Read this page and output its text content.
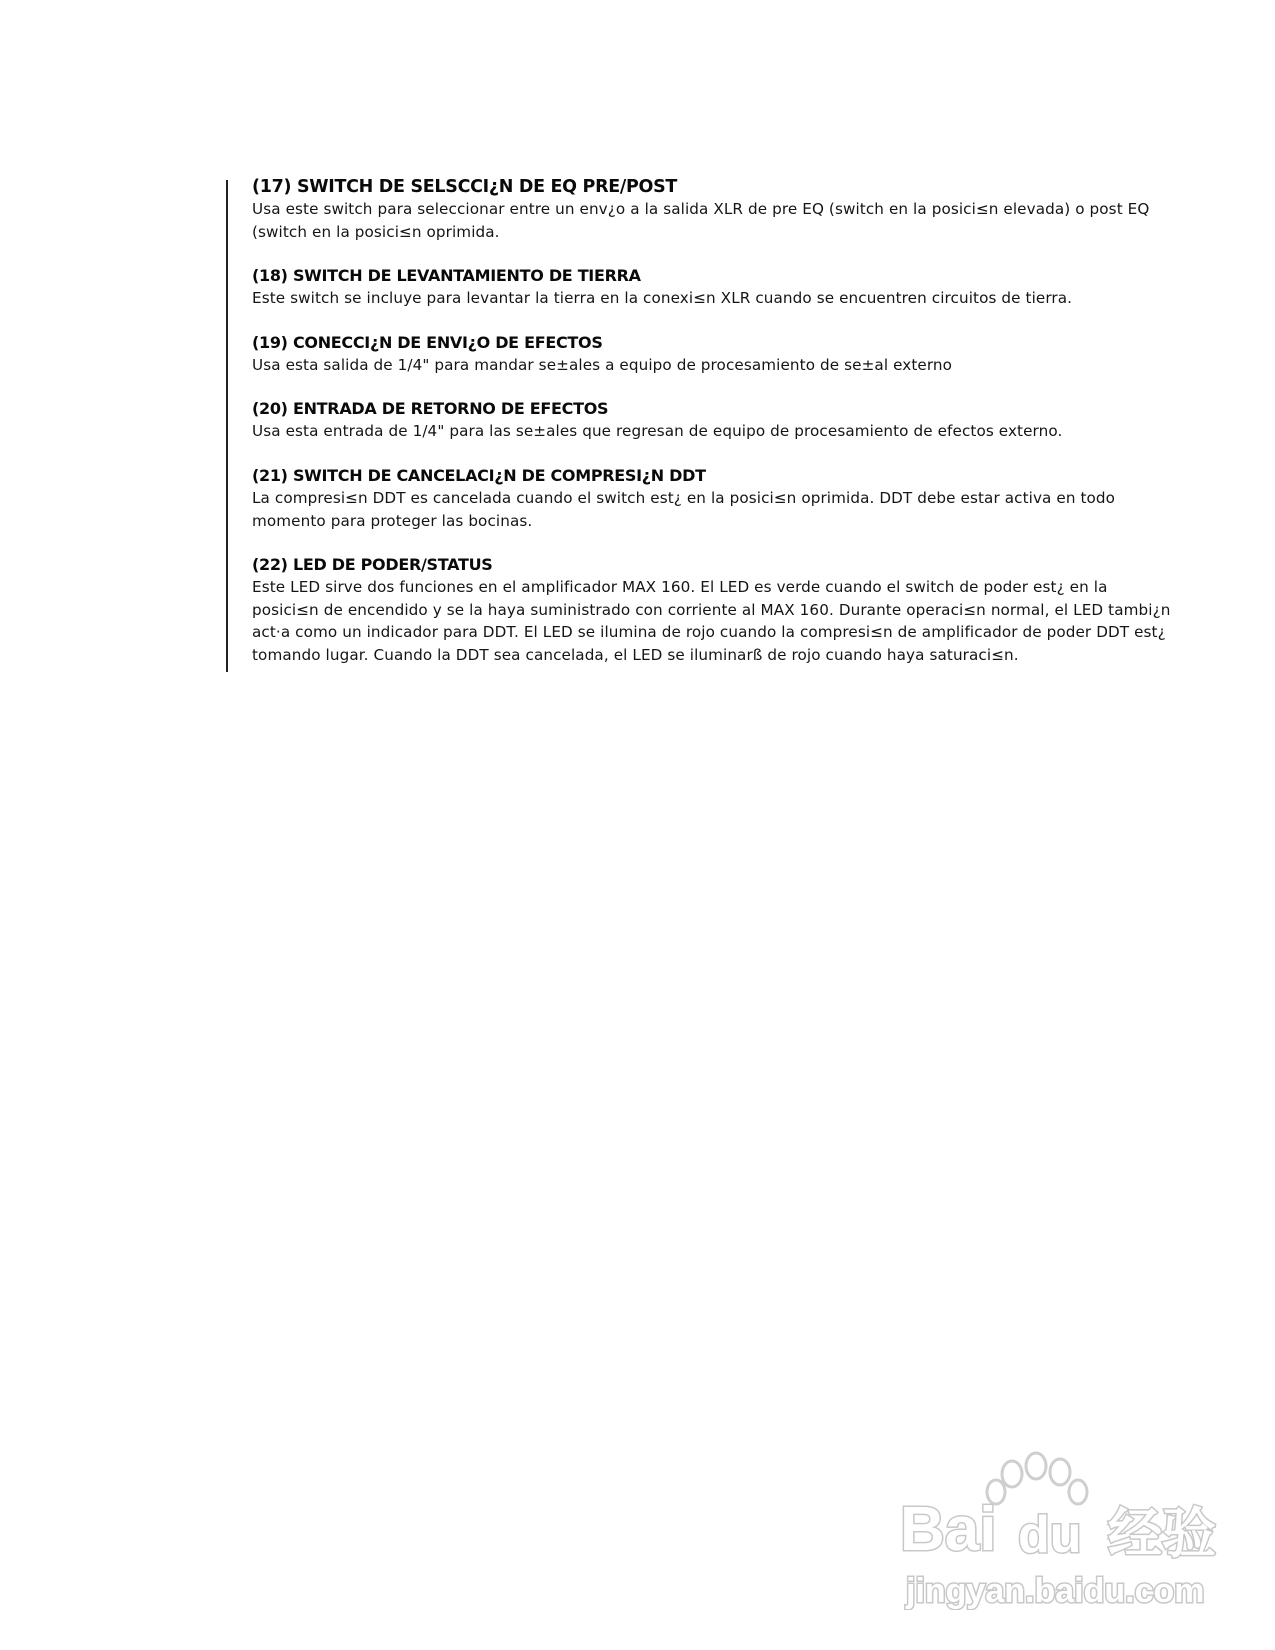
(17) SWITCH DE SELSCCI¿N DE EQ PRE/POST

Usa este switch para seleccionar entre un env¿o a la salida XLR de pre EQ (switch en la posici≤n elevada) o post EQ (switch en la posici≤n oprimida.

(18) SWITCH DE LEVANTAMIENTO DE TIERRA

Este switch se incluye para levantar la tierra en la conexi≤n XLR cuando se encuentren circuitos de tierra.

(19) CONECCI¿N DE ENVI¿O DE EFECTOS

Usa esta salida de 1/4" para mandar se±ales a equipo de procesamiento de se±al externo

(20) ENTRADA DE RETORNO DE EFECTOS

Usa esta entrada de 1/4" para las se±ales que regresan de equipo de procesamiento de efectos externo.

(21) SWITCH DE CANCELACI¿N DE COMPRESI¿N DDT

La compresi≤n DDT es cancelada cuando el switch est¿ en la posici≤n oprimida. DDT debe estar activa en todo momento para proteger las bocinas.

(22) LED DE PODER/STATUS

Este LED sirve dos funciones en el amplificador MAX 160. El LED es verde cuando el switch de poder est¿ en la posici≤n de encendido y se la haya suministrado con corriente al MAX 160. Durante operaci≤n normal, el LED tambi¿n act·a como un indicador para DDT. El LED se ilumina de rojo cuando la compresi≤n de amplificador de poder DDT est¿ tomando lugar. Cuando la DDT sea cancelada, el LED se iluminarß de rojo cuando haya saturaci≤n.

Bai du 经验
jingyan.baidu.com
